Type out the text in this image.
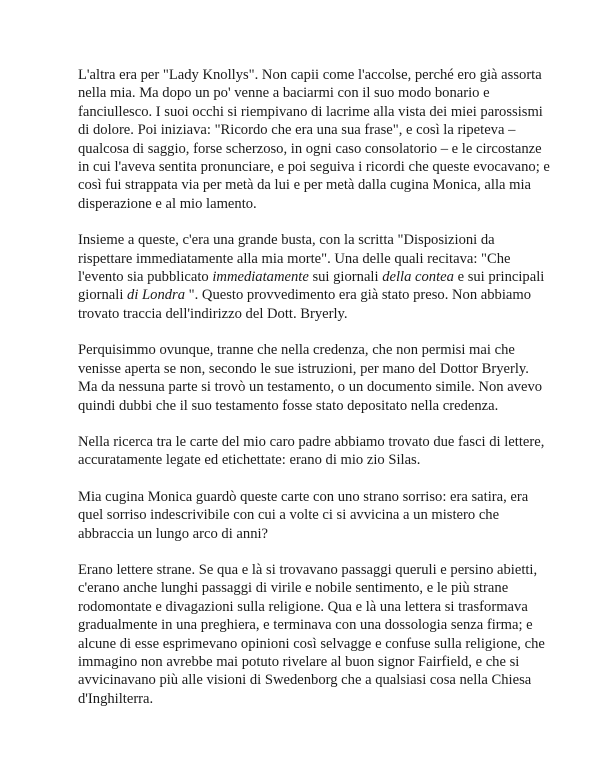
L'altra era per "Lady Knollys". Non capii come l'accolse, perché ero già assorta nella mia. Ma dopo un po' venne a baciarmi con il suo modo bonario e fanciullesco. I suoi occhi si riempivano di lacrime alla vista dei miei parossismi di dolore. Poi iniziava: "Ricordo che era una sua frase", e così la ripeteva – qualcosa di saggio, forse scherzoso, in ogni caso consolatorio – e le circostanze in cui l'aveva sentita pronunciare, e poi seguiva i ricordi che queste evocavano; e così fui strappata via per metà da lui e per metà dalla cugina Monica, alla mia disperazione e al mio lamento.

Insieme a queste, c'era una grande busta, con la scritta "Disposizioni da rispettare immediatamente alla mia morte". Una delle quali recitava: "Che l'evento sia pubblicato immediatamente sui giornali della contea e sui principali giornali di Londra ". Questo provvedimento era già stato preso. Non abbiamo trovato traccia dell'indirizzo del Dott. Bryerly.

Perquisimmo ovunque, tranne che nella credenza, che non permisi mai che venisse aperta se non, secondo le sue istruzioni, per mano del Dottor Bryerly. Ma da nessuna parte si trovò un testamento, o un documento simile. Non avevo quindi dubbi che il suo testamento fosse stato depositato nella credenza.

Nella ricerca tra le carte del mio caro padre abbiamo trovato due fasci di lettere, accuratamente legate ed etichettate: erano di mio zio Silas.

Mia cugina Monica guardò queste carte con uno strano sorriso: era satira, era quel sorriso indescrivibile con cui a volte ci si avvicina a un mistero che abbraccia un lungo arco di anni?

Erano lettere strane. Se qua e là si trovavano passaggi queruli e persino abietti, c'erano anche lunghi passaggi di virile e nobile sentimento, e le più strane rodomontate e divagazioni sulla religione. Qua e là una lettera si trasformava gradualmente in una preghiera, e terminava con una dossologia senza firma; e alcune di esse esprimevano opinioni così selvagge e confuse sulla religione, che immagino non avrebbe mai potuto rivelare al buon signor Fairfield, e che si avvicinavano più alle visioni di Swedenborg che a qualsiasi cosa nella Chiesa d'Inghilterra.
